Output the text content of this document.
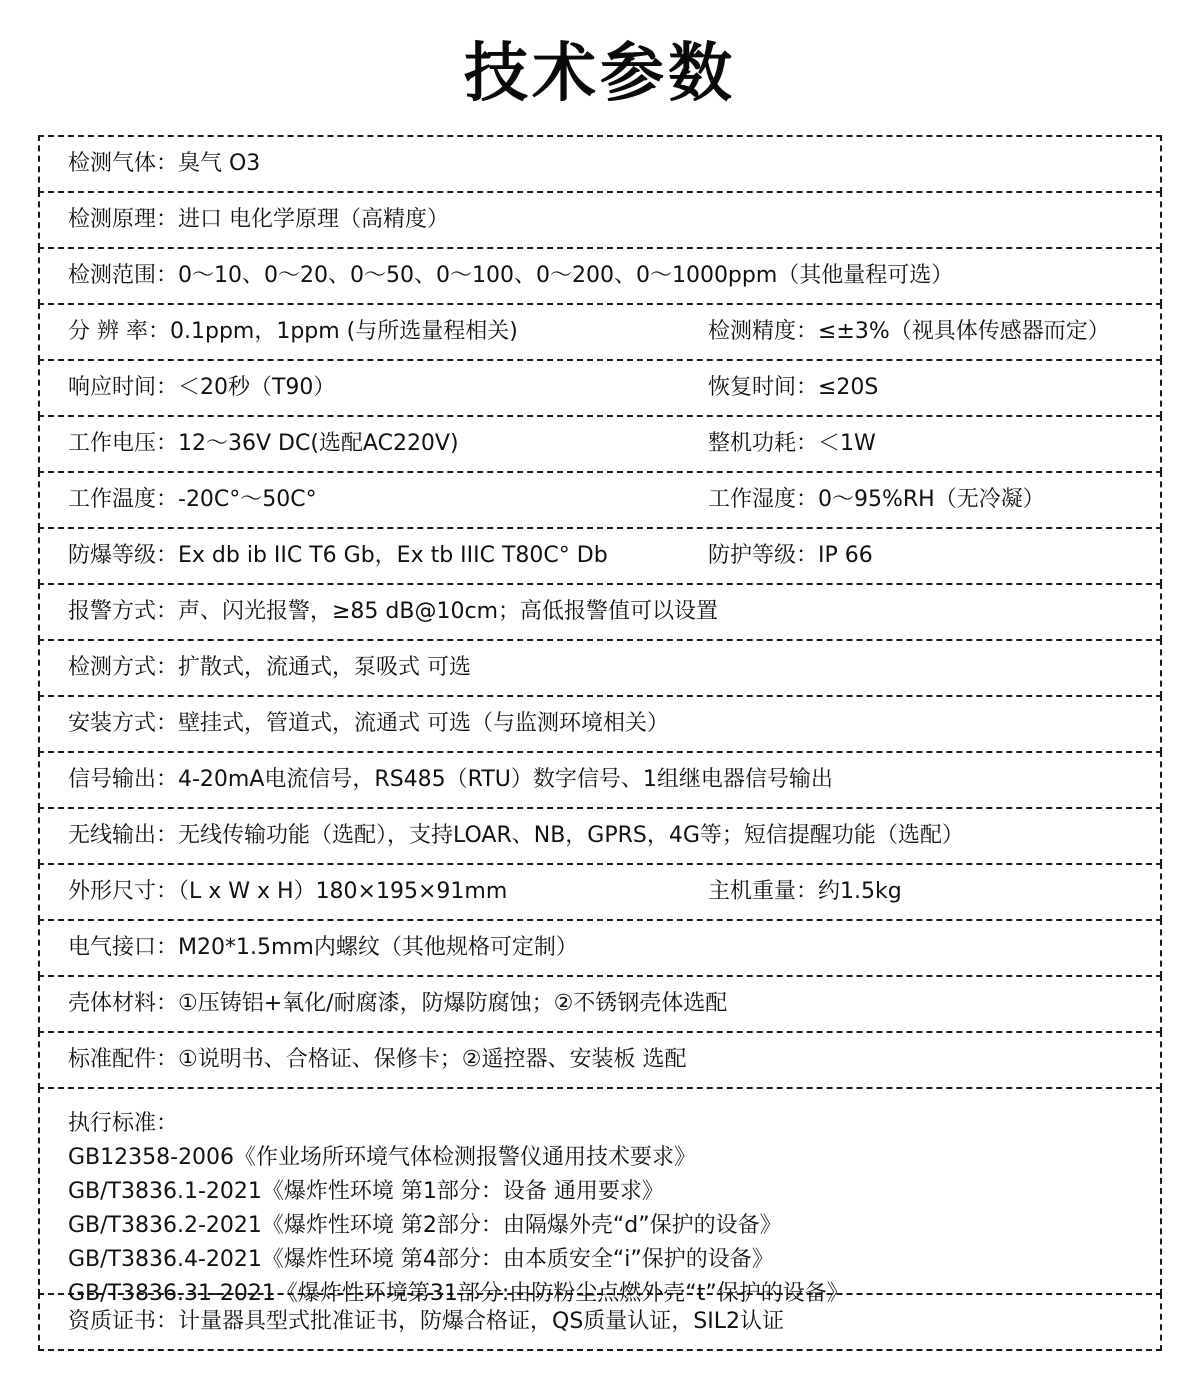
技术参数
检测气体：臭气 O3
检测原理：进口 电化学原理（高精度）
检测范围：0～10、0～20、0～50、0～100、0～200、0～1000ppm（其他量程可选）
分 辨 率：0.1ppm，1ppm (与所选量程相关)	检测精度：≤±3%（视具体传感器而定）
响应时间：＜20秒（T90）	恢复时间：≤20S
工作电压：12～36V DC(选配AC220V)	整机功耗：＜1W
工作温度：-20C°～50C°	工作湿度：0～95%RH（无冷凝）
防爆等级：Ex db ib IIC T6 Gb，Ex tb IIIC T80C° Db	防护等级：IP 66
报警方式：声、闪光报警，≥85 dB@10cm；高低报警值可以设置
检测方式：扩散式，流通式，泵吸式 可选
安装方式：壁挂式，管道式，流通式 可选（与监测环境相关）
信号输出：4-20mA电流信号，RS485（RTU）数字信号、1组继电器信号输出
无线输出：无线传输功能（选配），支持LOAR、NB，GPRS，4G等；短信提醒功能（选配）
外形尺寸：（L x W x H）180×195×91mm	主机重量：约1.5kg
电气接口：M20*1.5mm内螺纹（其他规格可定制）
壳体材料：①压铸铝+氧化/耐腐漆，防爆防腐蚀；②不锈钢壳体选配
标准配件：①说明书、合格证、保修卡；②遥控器、安装板 选配
执行标准：
GB12358-2006《作业场所环境气体检测报警仪通用技术要求》
GB/T3836.1-2021《爆炸性环境 第1部分：设备 通用要求》
GB/T3836.2-2021《爆炸性环境 第2部分：由隔爆外壳“d”保护的设备》
GB/T3836.4-2021《爆炸性环境 第4部分：由本质安全“i”保护的设备》
GB/T3836.31-2021《爆炸性环境第31部分:由防粉尘点燃外壳“t”保护的设备》
资质证书：计量器具型式批准证书，防爆合格证，QS质量认证，SIL2认证
